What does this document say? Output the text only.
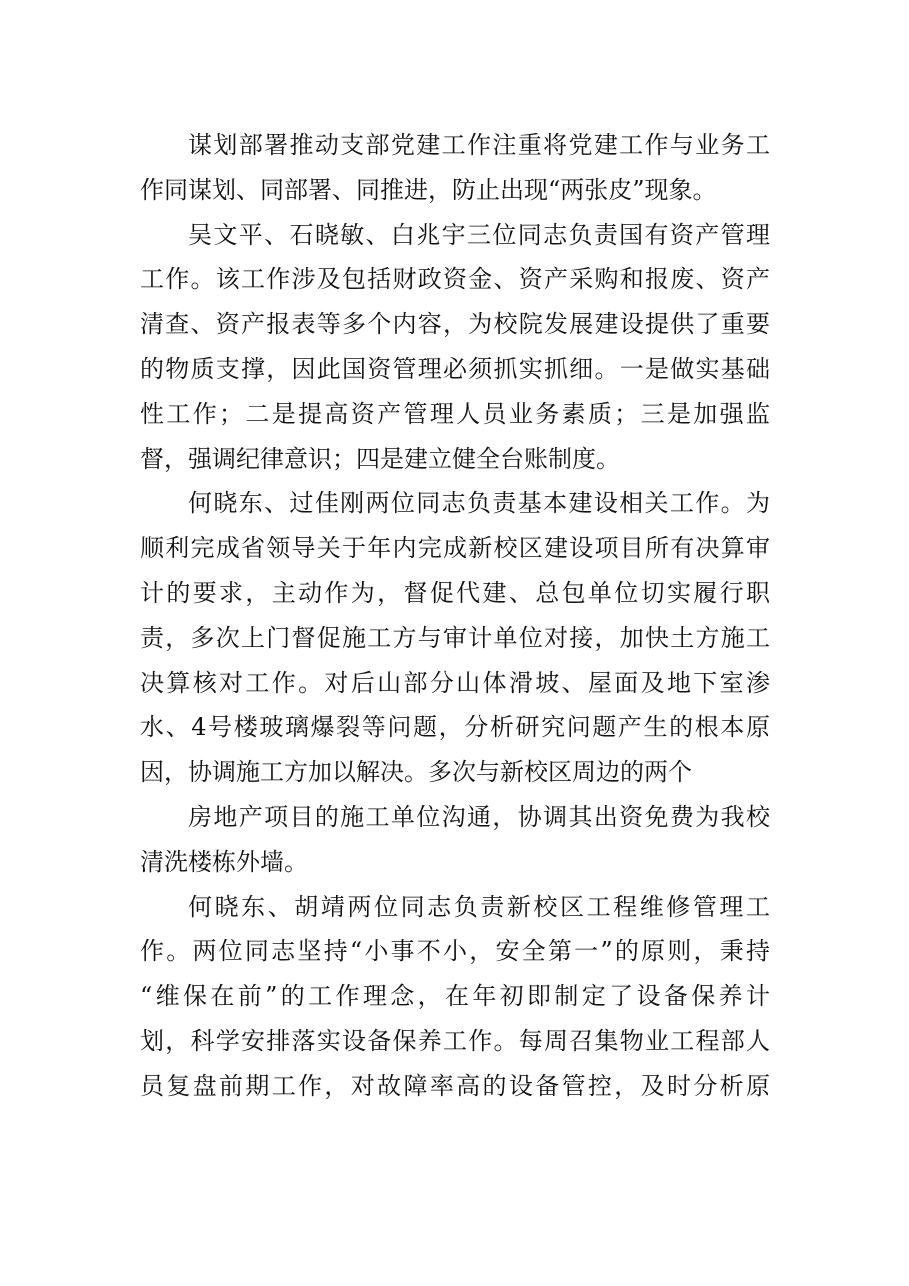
谋划部署推动支部党建工作注重将党建工作与业务工
作同谋划、同部署、同推进，防止出现“两张皮”现象。
吴文平、石晓敏、白兆宇三位同志负责国有资产管理
工作。该工作涉及包括财政资金、资产采购和报废、资产
清查、资产报表等多个内容，为校院发展建设提供了重要
的物质支撑，因此国资管理必须抓实抓细。一是做实基础
性工作；二是提高资产管理人员业务素质；三是加强监
督，强调纪律意识；四是建立健全台账制度。
何晓东、过佳刚两位同志负责基本建设相关工作。为
顺利完成省领导关于年内完成新校区建设项目所有决算审
计的要求，主动作为，督促代建、总包单位切实履行职
责，多次上门督促施工方与审计单位对接，加快土方施工
决算核对工作。对后山部分山体滑坡、屋面及地下室渗
水、4号楼玻璃爆裂等问题，分析研究问题产生的根本原
因，协调施工方加以解决。多次与新校区周边的两个
房地产项目的施工单位沟通，协调其出资免费为我校
清洗楼栋外墙。
何晓东、胡靖两位同志负责新校区工程维修管理工
作。两位同志坚持“小事不小，安全第一”的原则，秉持
“维保在前”的工作理念，在年初即制定了设备保养计
划，科学安排落实设备保养工作。每周召集物业工程部人
员复盘前期工作，对故障率高的设备管控，及时分析原
